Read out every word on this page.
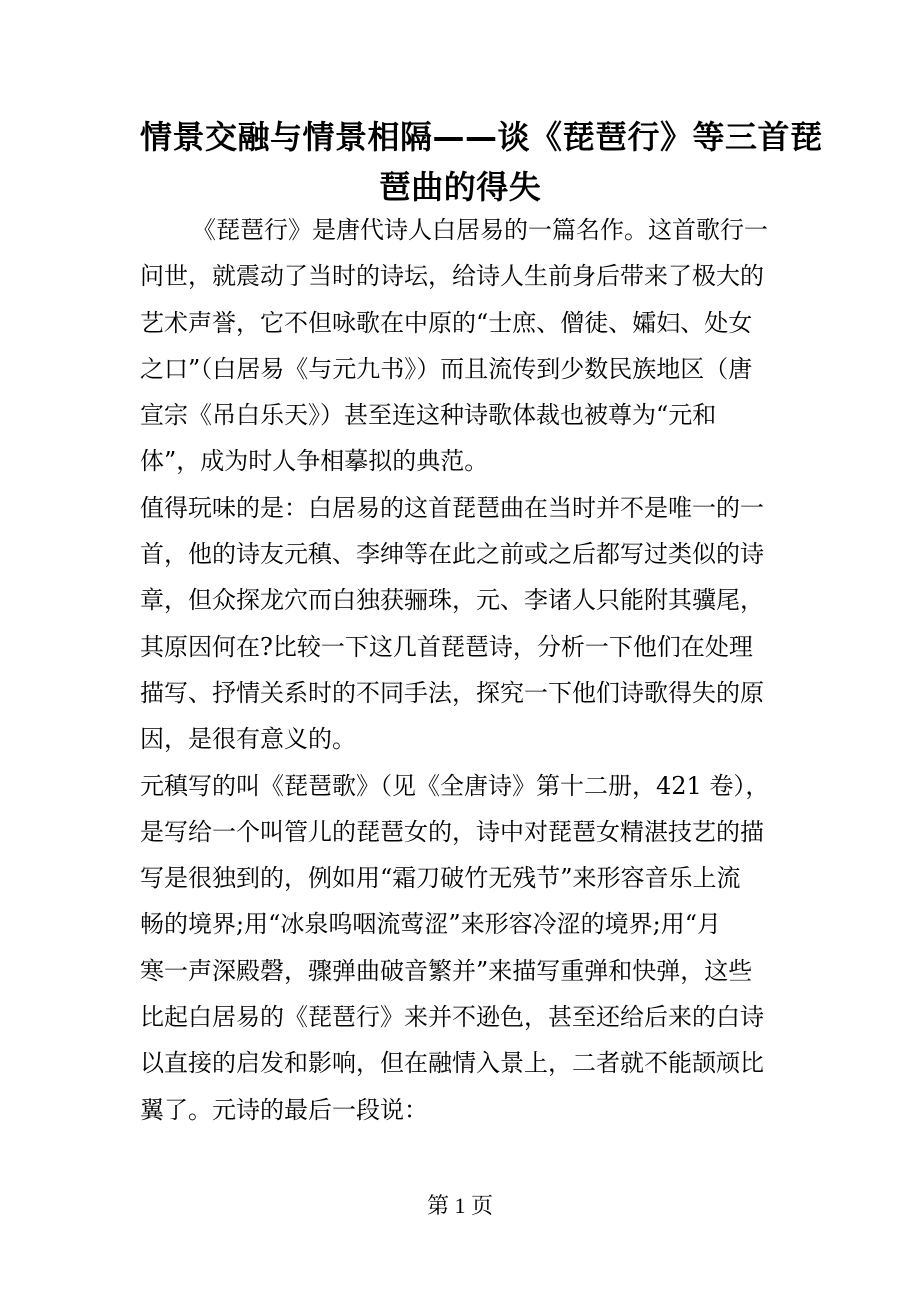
情景交融与情景相隔——谈《琵琶行》等三首琵
琶曲的得失
《琵琶行》是唐代诗人白居易的一篇名作。这首歌行一
问世，就震动了当时的诗坛，给诗人生前身后带来了极大的
艺术声誉，它不但咏歌在中原的“士庶、僧徒、孀妇、处女
之口”（白居易《与元九书》）而且流传到少数民族地区（唐
宣宗《吊白乐天》）甚至连这种诗歌体裁也被尊为“元和
体”，成为时人争相摹拟的典范。
值得玩味的是：白居易的这首琵琶曲在当时并不是唯一的一
首，他的诗友元稹、李绅等在此之前或之后都写过类似的诗
章，但众探龙穴而白独获骊珠，元、李诸人只能附其骥尾，
其原因何在?比较一下这几首琵琶诗，分析一下他们在处理
描写、抒情关系时的不同手法，探究一下他们诗歌得失的原
因，是很有意义的。
元稹写的叫《琵琶歌》（见《全唐诗》第十二册，421 卷），
是写给一个叫管儿的琵琶女的，诗中对琵琶女精湛技艺的描
写是很独到的，例如用“霜刀破竹无残节”来形容音乐上流
畅的境界;用“冰泉呜咽流莺涩”来形容冷涩的境界;用“月
寒一声深殿磬，骤弹曲破音繁并”来描写重弹和快弹，这些
比起白居易的《琵琶行》来并不逊色，甚至还给后来的白诗
以直接的启发和影响，但在融情入景上，二者就不能颉颃比
翼了。元诗的最后一段说：
第 1 页
